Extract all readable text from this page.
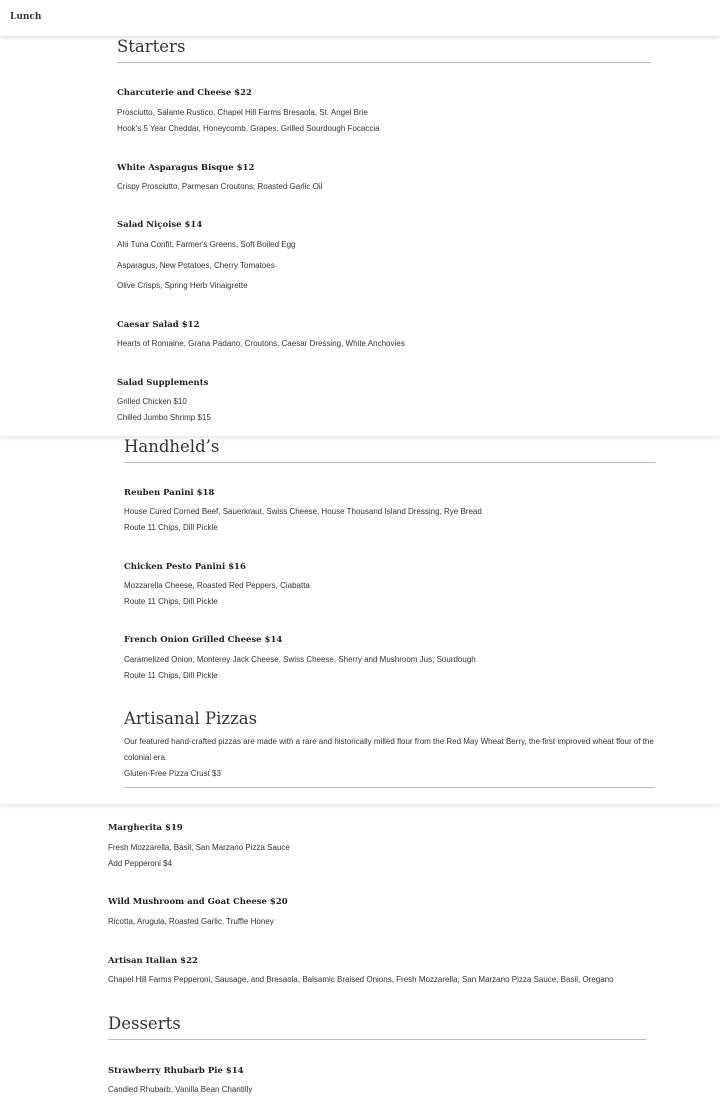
Lunch
Starters
Charcuterie and Cheese $22
Prosciutto, Salame Rustico, Chapel Hill Farms Bresaola, St. Angel Brie
Hook's 5 Year Cheddar, Honeycomb, Grapes, Grilled Sourdough Focaccia
White Asparagus Bisque $12
Crispy Prosciutto, Parmesan Croutons, Roasted Garlic Oil
Salad Niçoise $14
Ahi Tuna Confit, Farmer's Greens, Soft Boiled Egg
Asparagus, New Potatoes, Cherry Tomatoes
Olive Crisps, Spring Herb Vinaigrette
Caesar Salad $12
Hearts of Romaine, Grana Padano, Croutons, Caesar Dressing, White Anchovies
Salad Supplements
Grilled Chicken $10
Chilled Jumbo Shrimp $15
Handheld’s
Reuben Panini $18
House Cured Corned Beef, Sauerkraut, Swiss Cheese, House Thousand Island Dressing, Rye Bread
Route 11 Chips, Dill Pickle
Chicken Pesto Panini $16
Mozzarella Cheese, Roasted Red Peppers, Ciabatta
Route 11 Chips, Dill Pickle
French Onion Grilled Cheese $14
Caramelized Onion, Monterey Jack Cheese, Swiss Cheese, Sherry and Mushroom Jus, Sourdough
Route 11 Chips, Dill Pickle
Artisanal Pizzas
Our featured hand-crafted pizzas are made with a rare and historically milled flour from the Red May Wheat Berry, the first improved wheat flour of the colonial era.
Gluten-Free Pizza Crust $3
Margherita $19
Fresh Mozzarella, Basil, San Marzano Pizza Sauce
Add Pepperoni $4
Wild Mushroom and Goat Cheese $20
Ricotta, Arugula, Roasted Garlic, Truffle Honey
Artisan Italian $22
Chapel Hill Farms Pepperoni, Sausage, and Bresaola, Balsamic Braised Onions, Fresh Mozzarella, San Marzano Pizza Sauce, Basil, Oregano
Desserts
Strawberry Rhubarb Pie $14
Candied Rhubarb, Vanilla Bean Chantilly
